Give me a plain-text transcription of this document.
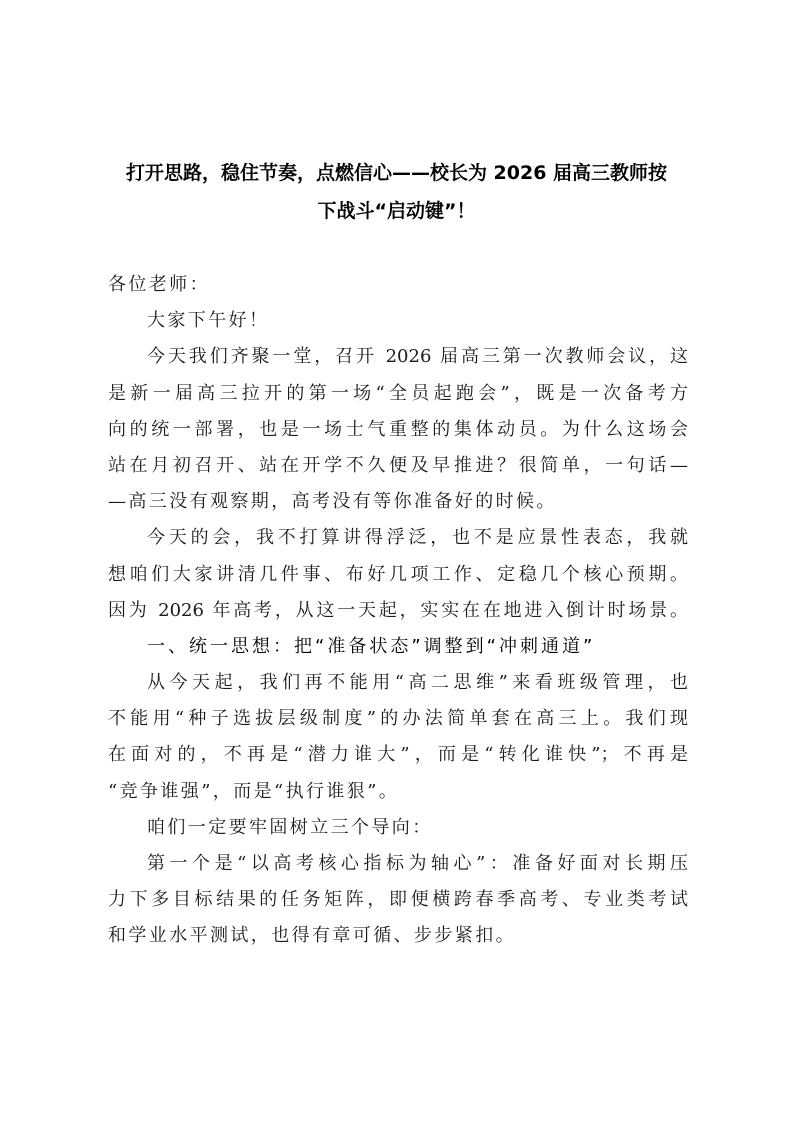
打开思路，稳住节奏，点燃信心——校长为 2026 届高三教师按
下战斗“启动键”！
各位老师：
大家下午好！
今天我们齐聚一堂，召开 2026 届高三第一次教师会议，这
是新一届高三拉开的第一场“全员起跑会”，既是一次备考方
向的统一部署，也是一场士气重整的集体动员。为什么这场会
站在月初召开、站在开学不久便及早推进？很简单，一句话—
—高三没有观察期，高考没有等你准备好的时候。
今天的会，我不打算讲得浮泛，也不是应景性表态，我就
想咱们大家讲清几件事、布好几项工作、定稳几个核心预期。
因为 2026 年高考，从这一天起，实实在在地进入倒计时场景。
一、统一思想：把“准备状态”调整到“冲刺通道”
从今天起，我们再不能用“高二思维”来看班级管理，也
不能用“种子选拔层级制度”的办法简单套在高三上。我们现
在面对的，不再是“潜力谁大”，而是“转化谁快”；不再是
“竞争谁强”，而是“执行谁狠”。
咱们一定要牢固树立三个导向：
第一个是“以高考核心指标为轴心”：准备好面对长期压
力下多目标结果的任务矩阵，即便横跨春季高考、专业类考试
和学业水平测试，也得有章可循、步步紧扣。
